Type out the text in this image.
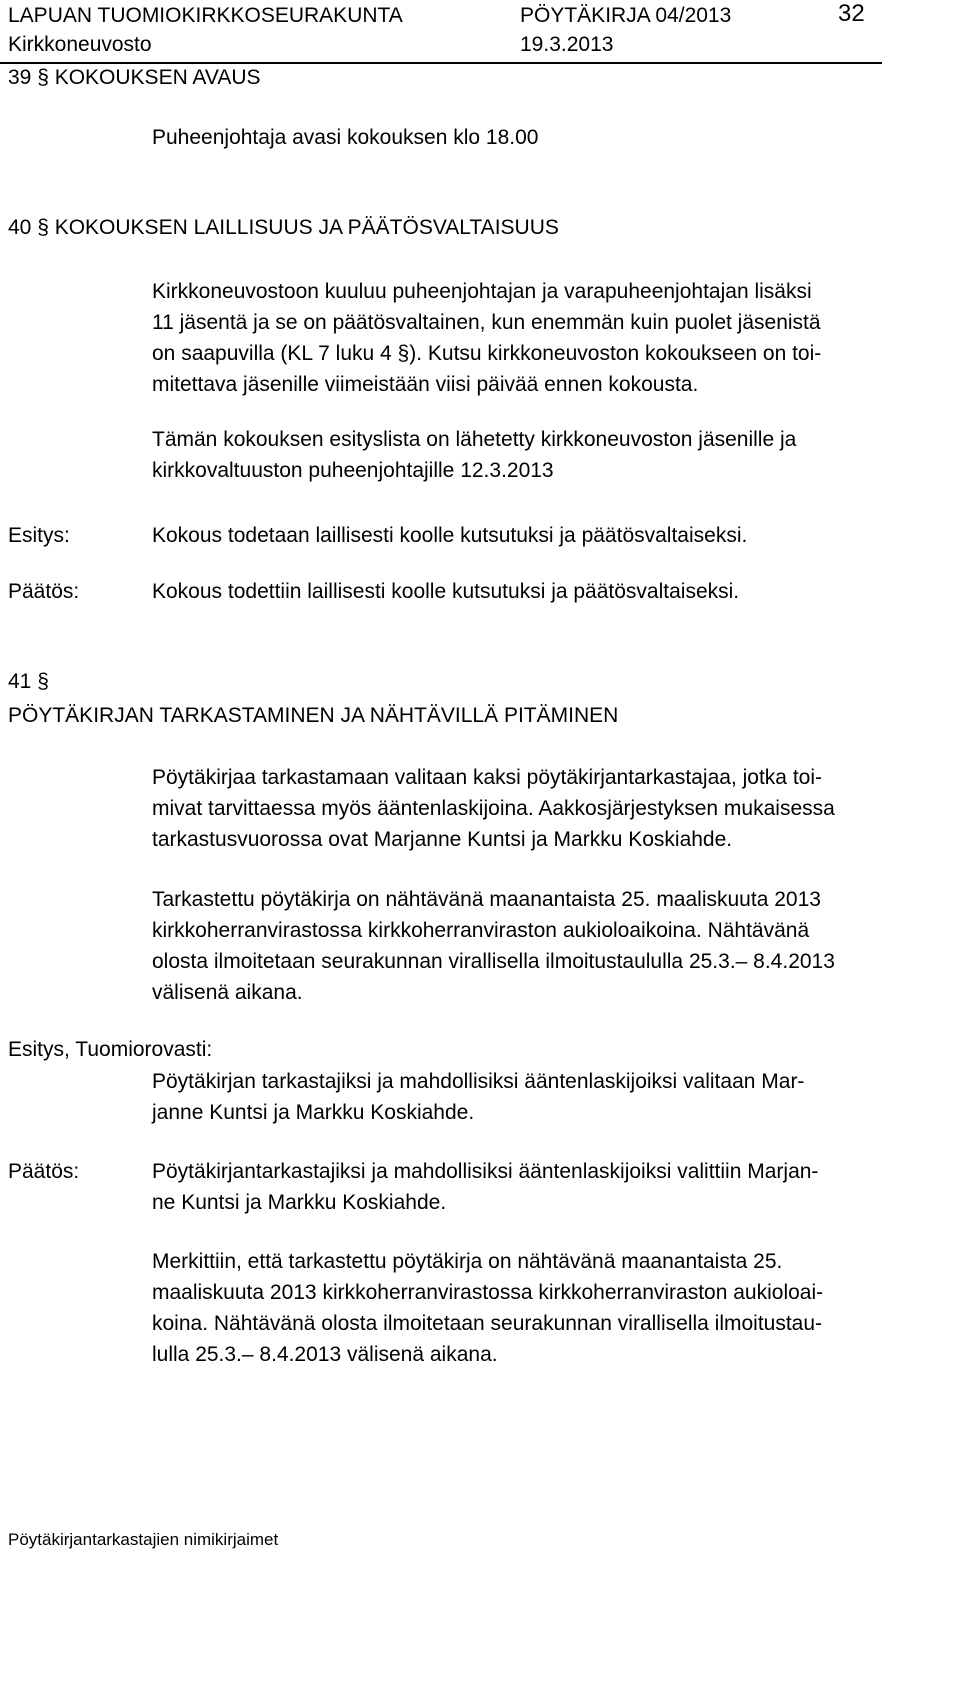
LAPUAN TUOMIOKIRKKOSEURAKUNTA	PÖYTÄKIRJA 04/2013	32
Kirkkoneuvosto	19.3.2013
39 § KOKOUKSEN AVAUS
Puheenjohtaja avasi kokouksen klo 18.00
40 § KOKOUKSEN LAILLISUUS JA PÄÄTÖSVALTAISUUS
Kirkkoneuvostoon kuuluu puheenjohtajan ja varapuheenjohtajan lisäksi
11 jäsentä ja se on päätösvaltainen, kun enemmän kuin puolet jäsenistä
on saapuvilla (KL 7 luku 4 §). Kutsu kirkkoneuvoston kokoukseen on toi-
mitettava jäsenille viimeistään viisi päivää ennen kokousta.
Tämän kokouksen esityslista on lähetetty kirkkoneuvoston jäsenille ja
kirkkovaltuuston puheenjohtajille 12.3.2013
Esitys:	Kokous todetaan laillisesti koolle kutsutuksi ja päätösvaltaiseksi.
Päätös:	Kokous todettiin laillisesti koolle kutsutuksi ja päätösvaltaiseksi.
41 §
PÖYTÄKIRJAN TARKASTAMINEN JA NÄHTÄVILLÄ PITÄMINEN
Pöytäkirjaa tarkastamaan valitaan kaksi pöytäkirjantarkastajaa, jotka toi-
mivat tarvittaessa myös ääntenlaskijoina. Aakkosjärjestyksen mukaisessa
tarkastusvuorossa ovat Marjanne Kuntsi ja Markku Koskiahde.
Tarkastettu pöytäkirja on nähtävänä maanantaista 25. maaliskuuta 2013
kirkkoherranvirastossa kirkkoherranviraston aukioloaikoina. Nähtävänä
olosta ilmoitetaan seurakunnan virallisella ilmoitustaululla 25.3.– 8.4.2013
välisenä aikana.
Esitys, Tuomiorovasti:
Pöytäkirjan tarkastajiksi ja mahdollisiksi ääntenlaskijoiksi valitaan Mar-
janne Kuntsi ja Markku Koskiahde.
Päätös:	Pöytäkirjantarkastajiksi ja mahdollisiksi ääntenlaskijoiksi valittiin Marjan-
ne Kuntsi ja Markku Koskiahde.
Merkittiin, että tarkastettu pöytäkirja on nähtävänä maanantaista 25.
maaliskuuta 2013 kirkkoherranvirastossa kirkkoherranviraston aukioloai-
koina. Nähtävänä olosta ilmoitetaan seurakunnan virallisella ilmoitustau-
lulla 25.3.– 8.4.2013 välisenä aikana.
Pöytäkirjantarkastajien nimikirjaimet
